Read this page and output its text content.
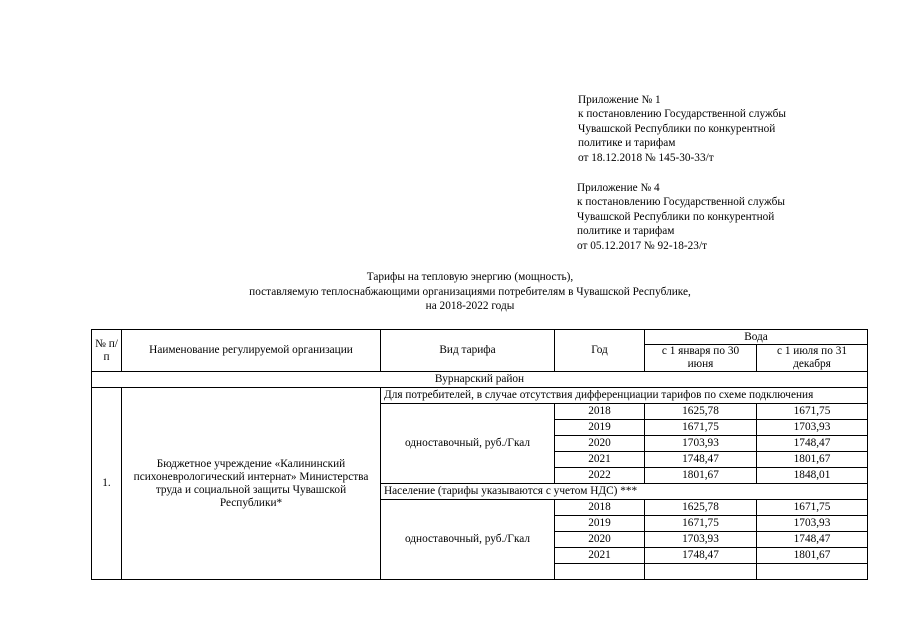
Приложение № 1
к постановлению Государственной службы
Чувашской Республики по конкурентной
политике и тарифам
от 18.12.2018 № 145-30-33/т
Приложение № 4
к постановлению Государственной службы
Чувашской Республики по конкурентной
политике и тарифам
от 05.12.2017 № 92-18-23/т
Тарифы на тепловую энергию (мощность),
поставляемую теплоснабжающими организациями потребителям в Чувашской Республике,
на 2018-2022 годы
№ п/п	Наименование регулируемой организации	Вид тарифа	Год	Вода	
				с 1 января по 30 июня	с 1 июля по 31 декабря

Вурнарский район					
1.	Бюджетное учреждение «Калининский психоневрологический интернат» Министерства труда и социальной защиты Чувашской Республики*	Для потребителей, в случае отсутствия дифференциации тарифов по схеме подключения			
		одноставочный, руб./Гкал	2018	1625,78	1671,75
			2019	1671,75	1703,93
			2020	1703,93	1748,47
			2021	1748,47	1801,67
			2022	1801,67	1848,01
		Население (тарифы указываются с учетом НДС) ***			
		одноставочный, руб./Гкал	2018	1625,78	1671,75
			2019	1671,75	1703,93
			2020	1703,93	1748,47
			2021	1748,47	1801,67
